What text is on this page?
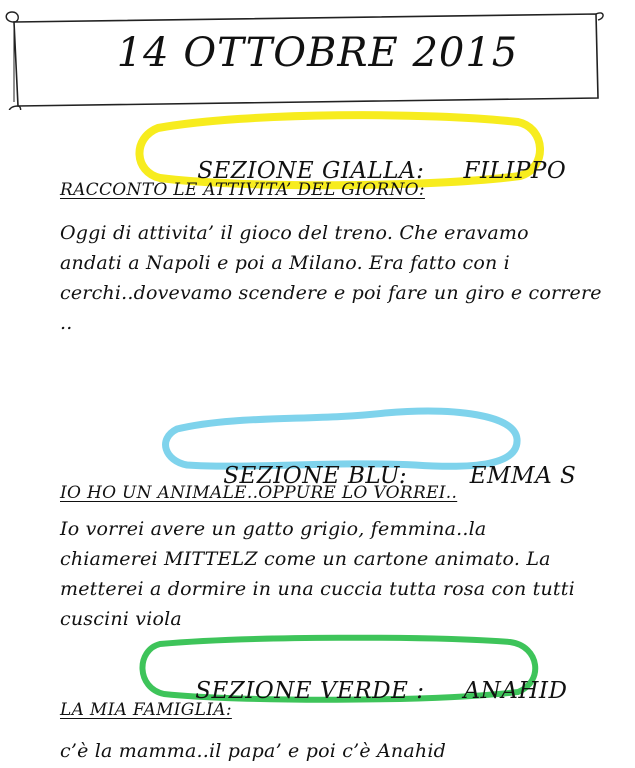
14 OTTOBRE 2015

SEZIONE GIALLA: FILIPPO

RACCONTO LE ATTIVITA’ DEL GIORNO:
Oggi di attivita’ il gioco del treno. Che eravamo
andati a Napoli e poi a Milano. Era fatto con i
cerchi..dovevamo scendere e poi fare un giro e correre
..

SEZIONE BLU:	EMMA S

IO HO UN ANIMALE..OPPURE LO VORREI..
Io vorrei avere un gatto grigio, femmina..la
chiamerei MITTELZ come un cartone animato. La
metterei a dormire in una cuccia tutta rosa con tutti
cuscini viola

SEZIONE VERDE : ANAHID

LA MIA FAMIGLIA:
c’è la mamma..il papa’ e poi c’è Anahid
